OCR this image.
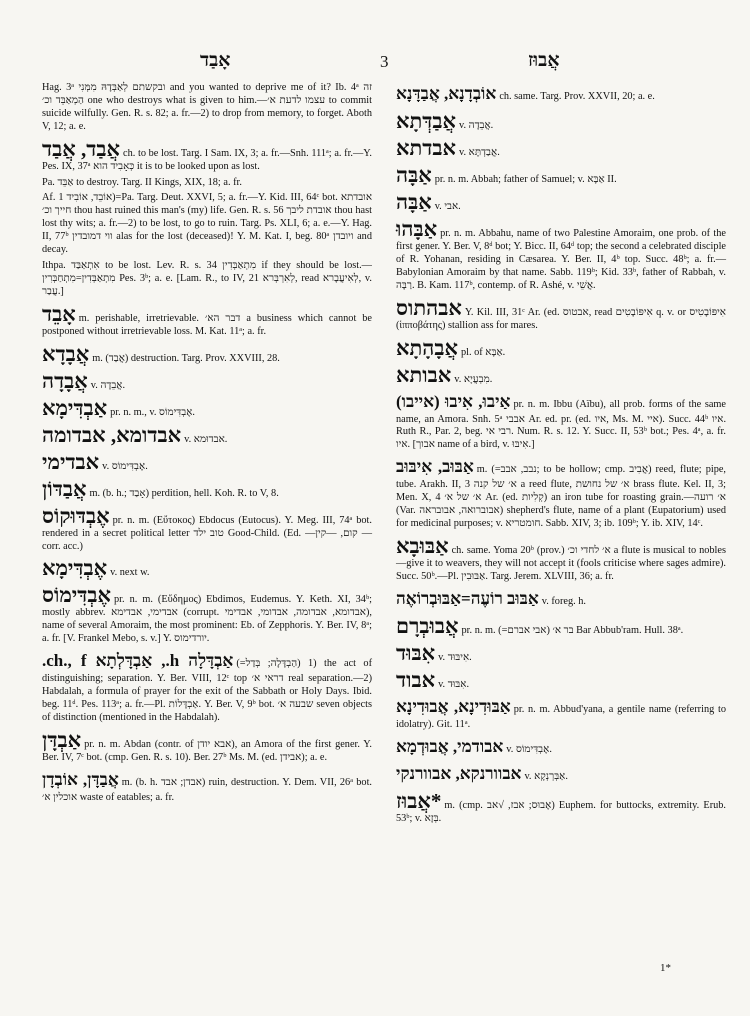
אָבַד	3	אֲבוּז
Hag. 3ᵃ ובקשתם לְאַבְּדָהּ מִמְּנִי and you wanted to deprive me of it? Ib. 4ᵃ זה הַמְאַבֵּד וכ׳ one who destroys what is given to him.—עצמו לדעת א׳ to commit suicide wilfully. Gen. R. s. 82; a. fr.—2) to drop from memory, to forget. Aboth V, 12; a. e.
אֲבַד, אֲבַד ch. to be lost. Targ. I Sam. IX, 3; a. fr.—Snh. 111ᵃ; a. fr.—Y. Pes. IX, 37ᵃ כְּאָבִיד הוא it is to be looked upon as lost.
Pa. אַבֵּד to destroy. Targ. II Kings, XIX, 18; a. fr.
Af. אוֹבֵד, אוֹבִיד 1)=Pa. Targ. Deut. XXVI, 5; a. fr.—Y. Kid. III, 64ᶜ bot. אובדתא חייך וכ׳ thou hast ruined this man's (my) life. Gen. R. s. 56 אובדת ליבך thou hast lost thy wits; a. fr.—2) to be lost, to go to ruin. Targ. Ps. XLI, 6; a. e.—Y. Hag. II, 77ᵇ ווי דמובדין alas for the lost (deceased)! Y. M. Kat. I, beg. 80ᵃ ויובדן and decay.
Ithpa. אִתְאַבַּד to be lost. Lev. R. s. 34 מִתְאַבְּדִין if they should be lost.—מִתְאַבְּדִין=מִתְחַבְּרִין Pes. 3ᵇ; a. e. [Lam. R., to IV, 21 לְאִרְבְּרא, read לְאִיעֲבָרא, v. עֲבַר.]
אָבֵד m. perishable, irretrievable. דבר הא׳ a business which cannot be postponed without irretrievable loss. M. Kat. 11ᵃ; a. fr.
אֲבָדָא m. (אֲבַד) destruction. Targ. Prov. XXVIII, 28.
אֲבָדָה v. אֲבֵדָה.
אַבְדִּימָא pr. n. m., v. אֶבְדִּימוֹס.
אבדומא, אבדומה v. אבדוּמא.
אבדימי v. אֶבְדִּימוֹס.
אֲבַדּוֹן m. (b. h.; אָבַד) perdition, hell. Koh. R. to V, 8.
אֶבְדּוּקוֹס pr. n. m. (Εὔτοκος) Ebdocus (Eutocus). Y. Meg. III, 74ᵃ bot. rendered in a secret political letter טוב ילד Good-Child. (Ed. —קום, —קין — corr. acc.)
אֶבְדִּימָא v. next w.
אֶבְדִּימוֹס pr. n. m. (Εὔδημος) Ebdimos, Eudemus. Y. Keth. XI, 34ᵇ; mostly abbrev. אבדימי, אבדימא (corrupt. אבדומא, אבדומה, אבדומי, אבדימי), name of several Amoraim, the most prominent: Eb. of Zepphoris. Y. Ber. IV, 8ᵃ; a. fr. [V. Frankel Mebo, s. v.] Y. יורדימוס.
אַבְדָּלָה h., אַבְדָּלְתָא ch., f. (=הַבְדָּלָה; בְּדַל) 1) the act of distinguishing; separation. Y. Ber. VIII, 12ᶜ top דראי א׳ real separation.—2) Habdalah, a formula of prayer for the exit of the Sabbath or Holy Days. Ibid. beg. 11ᵈ. Pes. 113ᵃ; a. fr.—Pl. אַבְדָּלוֹת. Y. Ber. V, 9ᵇ bot. שבעה א׳ seven objects of distinction (mentioned in the Habdalah).
אַבְדָּן pr. n. m. Abdan (contr. of אבא יודן), an Amora of the first gener. Y. Ber. IV, 7ᶜ bot. (cmp. Gen. R. s. 10). Ber. 27ᵇ Ms. M. (ed. אבידן); a. e.
אֲבַדָּן, אוֹבְדָן m. (b. h. אבדן; אבד) ruin, destruction. Y. Dem. VII, 26ᵃ bot. אוכלין א׳ waste of eatables; a. fr.
אוֹבְדָנָא, אֲבַדָּנָא ch. same. Targ. Prov. XXVII, 20; a. e.
אֲבַדְּתָא v. אֲבֵדָה.
אבדתא v. אֲבַדְתָּא.
אַבָּה pr. n. m. Abbah; father of Samuel; v. אַבָּא II.
אַבָּה v. אבי.
אַבָּהוּ pr. n. m. Abbahu, name of two Palestine Amoraim, one prob. of the first gener. Y. Ber. V, 8ᵈ bot; Y. Bicc. II, 64ᵈ top; the second a celebrated disciple of R. Yohanan, residing in Cæsarea. Y. Ber. II, 4ᵇ top. Succ. 48ᵇ; a. fr.—Babylonian Amoraim by that name. Sabb. 119ᵇ; Kid. 33ᵇ, father of Rabbah, v. רַבָּה. B. Kam. 117ᵇ, contemp. of R. Ashé, v. אֲשֵׁי.
אבהתוס Y. Kil. III, 31ᶜ Ar. (ed. אבטוס, read אִיפּוֹבָטִים q. v. or אִיפּוֹבָטִיס (ἱπποβάτης) stallion ass for mares.
אֲבָהָתָא pl. of אַבָּא.
אבותא v. מִבְעֲיָא.
אַיבוּ, אִיבוּ (אייבו) pr. n. m. Ibbu (Aïbu), all prob. forms of the same name, an Amora. Snh. 5ᵃ אבבי Ar. ed. pr. (ed. איו, Ms. M. איי). Succ. 44ᵇ איו. Ruth R., Par. 2, beg. רבי אי. Num. R. s. 12. Y. Succ. II, 53ᵇ bot.; Pes. 4ᵃ, a. fr. איו. [אבוך name of a bird, v. אִיבּוּ.]
אַבּוּב, אִיבּוּב m. (=נבב, אבב; to be hollow; cmp. אֲבִיב) reed, flute; pipe, tube. Arakh. II, 3 א׳ של קנה a reed flute, א׳ של נחושת brass flute. Kel. II, 3; Men. X, 4 א׳ של א׳ Ar. (ed. קְלִיות) an iron tube for roasting grain.—א׳ רועה (Var. אבוברואה, אבובראה) shepherd's flute, name of a plant (Eupatorium) used for medicinal purposes; v. חומטריא. Sabb. XIV, 3; ib. 109ᵇ; Y. ib. XIV, 14ᶜ.
אַבּוּבָא ch. same. Yoma 20ᵇ (prov.) א׳ לחדי וכ׳ a flute is musical to nobles—give it to weavers, they will not accept it (fools criticise where sages admire). Succ. 50ᵇ.—Pl. אַבּוּבִין. Targ. Jerem. XLVIII, 36; a. fr.
אַבּוּב רוֹעֶה=אַבּוּבְרוֹאֶה v. foreg. h.
אֲבוּבְרָם pr. n. m. (=אבי אברם) בר א׳ Bar Abbub'ram. Hull. 38ᵃ.
אִבּוּד v. אִיבּוּד.
אבוד v. אִבּוּד.
אַבּוּדִינָא, אֲבוּדִינָא pr. n. m. Abbud'yana, a gentile name (referring to idolatry). Git. 11ᵃ.
אבודמי, אֲבוּדְמָא v. אֶבְדִּימוֹס.
אבוורנקא, אבוורנקי v. אַבְּרְנְקָא.
*אֲבוּז m. (cmp. אֶבוּס; אבז, √אב) Euphem. for buttocks, extremity. Erub. 53ᵇ; v. בְּזָא.
1*
